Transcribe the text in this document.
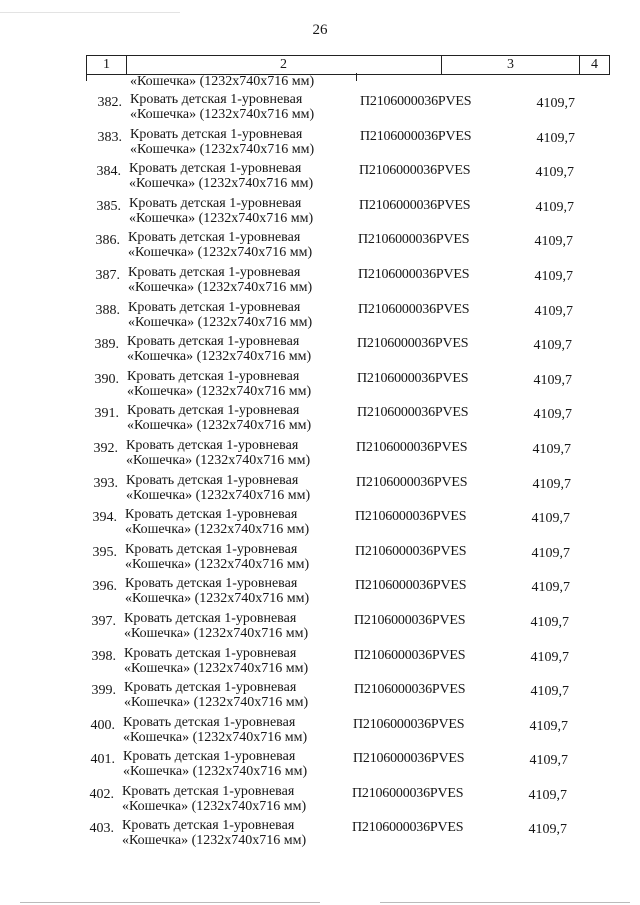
26
1	2	3	4
«Кошечка» (1232x740x716 мм)
382. Кровать детская 1-уровневая
«Кошечка» (1232x740x716 мм)
П2106000036PVES	4109,7
383. Кровать детская 1-уровневая
«Кошечка» (1232x740x716 мм)
П2106000036PVES	4109,7
384. Кровать детская 1-уровневая
«Кошечка» (1232x740x716 мм)
П2106000036PVES	4109,7
385. Кровать детская 1-уровневая
«Кошечка» (1232x740x716 мм)
П2106000036PVES	4109,7
386. Кровать детская 1-уровневая
«Кошечка» (1232x740x716 мм)
П2106000036PVES	4109,7
387. Кровать детская 1-уровневая
«Кошечка» (1232x740x716 мм)
П2106000036PVES	4109,7
388. Кровать детская 1-уровневая
«Кошечка» (1232x740x716 мм)
П2106000036PVES	4109,7
389. Кровать детская 1-уровневая
«Кошечка» (1232x740x716 мм)
П2106000036PVES	4109,7
390. Кровать детская 1-уровневая
«Кошечка» (1232x740x716 мм)
П2106000036PVES	4109,7
391. Кровать детская 1-уровневая
«Кошечка» (1232x740x716 мм)
П2106000036PVES	4109,7
392. Кровать детская 1-уровневая
«Кошечка» (1232x740x716 мм)
П2106000036PVES	4109,7
393. Кровать детская 1-уровневая
«Кошечка» (1232x740x716 мм)
П2106000036PVES	4109,7
394. Кровать детская 1-уровневая
«Кошечка» (1232x740x716 мм)
П2106000036PVES	4109,7
395. Кровать детская 1-уровневая
«Кошечка» (1232x740x716 мм)
П2106000036PVES	4109,7
396. Кровать детская 1-уровневая
«Кошечка» (1232x740x716 мм)
П2106000036PVES	4109,7
397. Кровать детская 1-уровневая
«Кошечка» (1232x740x716 мм)
П2106000036PVES	4109,7
398. Кровать детская 1-уровневая
«Кошечка» (1232x740x716 мм)
П2106000036PVES	4109,7
399. Кровать детская 1-уровневая
«Кошечка» (1232x740x716 мм)
П2106000036PVES	4109,7
400. Кровать детская 1-уровневая
«Кошечка» (1232x740x716 мм)
П2106000036PVES	4109,7
401. Кровать детская 1-уровневая
«Кошечка» (1232x740x716 мм)
П2106000036PVES	4109,7
402. Кровать детская 1-уровневая
«Кошечка» (1232x740x716 мм)
П2106000036PVES	4109,7
403. Кровать детская 1-уровневая
«Кошечка» (1232x740x716 мм)
П2106000036PVES	4109,7
